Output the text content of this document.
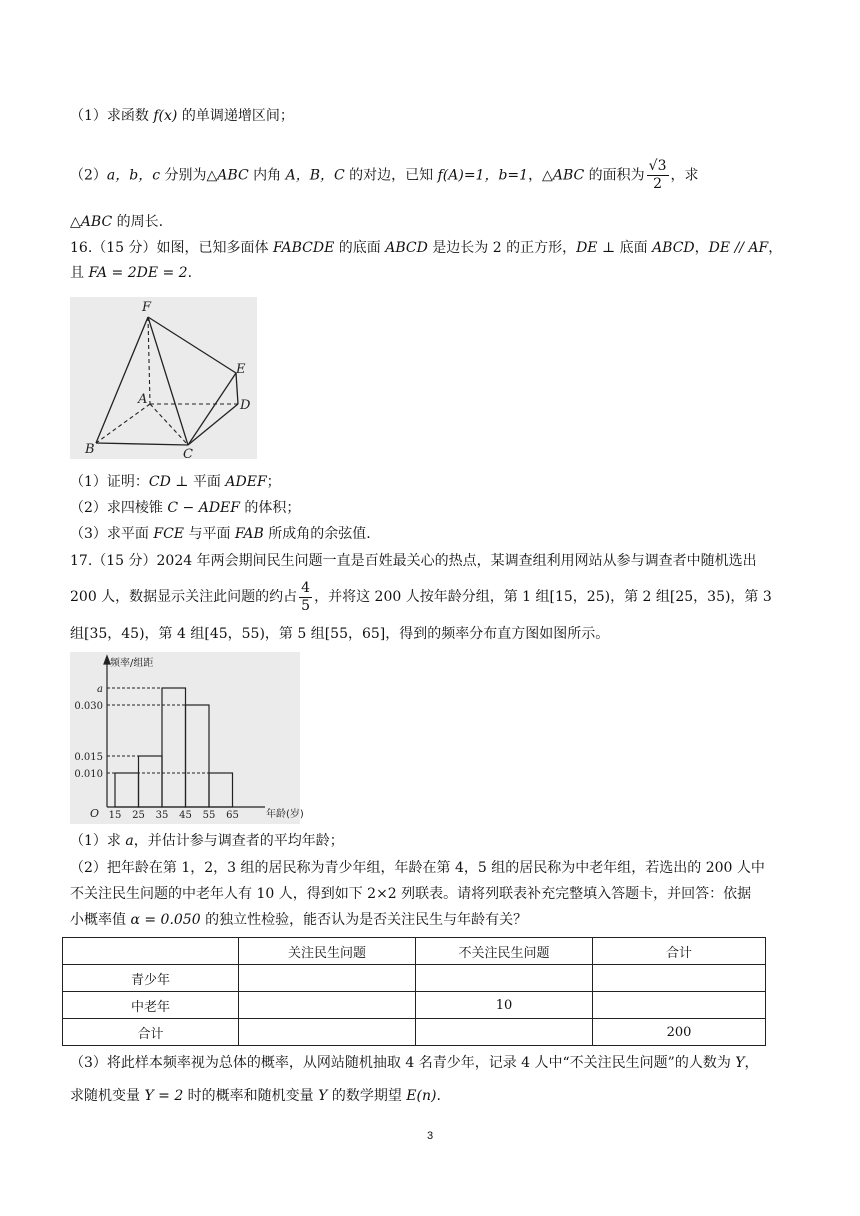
（1）求函数 f(x) 的单调递增区间；
（2）a，b，c 分别为△ABC 内角 A，B，C 的对边，已知 f(A)=1，b=1，△ABC 的面积为 $\frac{√3}{2}$ ，求
△ABC 的周长.
16.（15 分）如图，已知多面体 FABCDE 的底面 ABCD 是边长为 2 的正方形，DE ⊥ 底面 ABCD，DE // AF，
且 FA = 2DE = 2.
F
A
B	C
D
E
（1）证明：CD ⊥ 平面 ADEF；
（2）求四棱锥 C − ADEF 的体积；
（3）求平面 FCE 与平面 FAB 所成角的余弦值.
17.（15 分）2024 年两会期间民生问题一直是百姓最关心的热点，某调查组利用网站从参与调查者中随机选出
200 人，数据显示关注此问题的约占 $\frac{4}{5}$ ，并将这 200 人按年龄分组，第 1 组[15，25)，第 2 组[25，35)，第 3
组[35，45)，第 4 组[45，55)，第 5 组[55，65]，得到的频率分布直方图如图所示。
频率/组距
O	年龄(岁)
a
0.030
0.015
0.010
15 25 35 45 55 65
（1）求 a，并估计参与调查者的平均年龄；
（2）把年龄在第 1，2，3 组的居民称为青少年组，年龄在第 4，5 组的居民称为中老年组，若选出的 200 人中
不关注民生问题的中老年人有 10 人，得到如下 2×2 列联表。请将列联表补充完整填入答题卡，并回答：依据
小概率值 α = 0.050 的独立性检验，能否认为是否关注民生与年龄有关？
	关注民生问题	不关注民生问题	合计
青少年			
中老年		10	
合计			200
（3）将此样本频率视为总体的概率，从网站随机抽取 4 名青少年，记录 4 人中“不关注民生问题”的人数为 Y，
求随机变量 Y = 2 时的概率和随机变量 Y 的数学期望 E(n).
3
